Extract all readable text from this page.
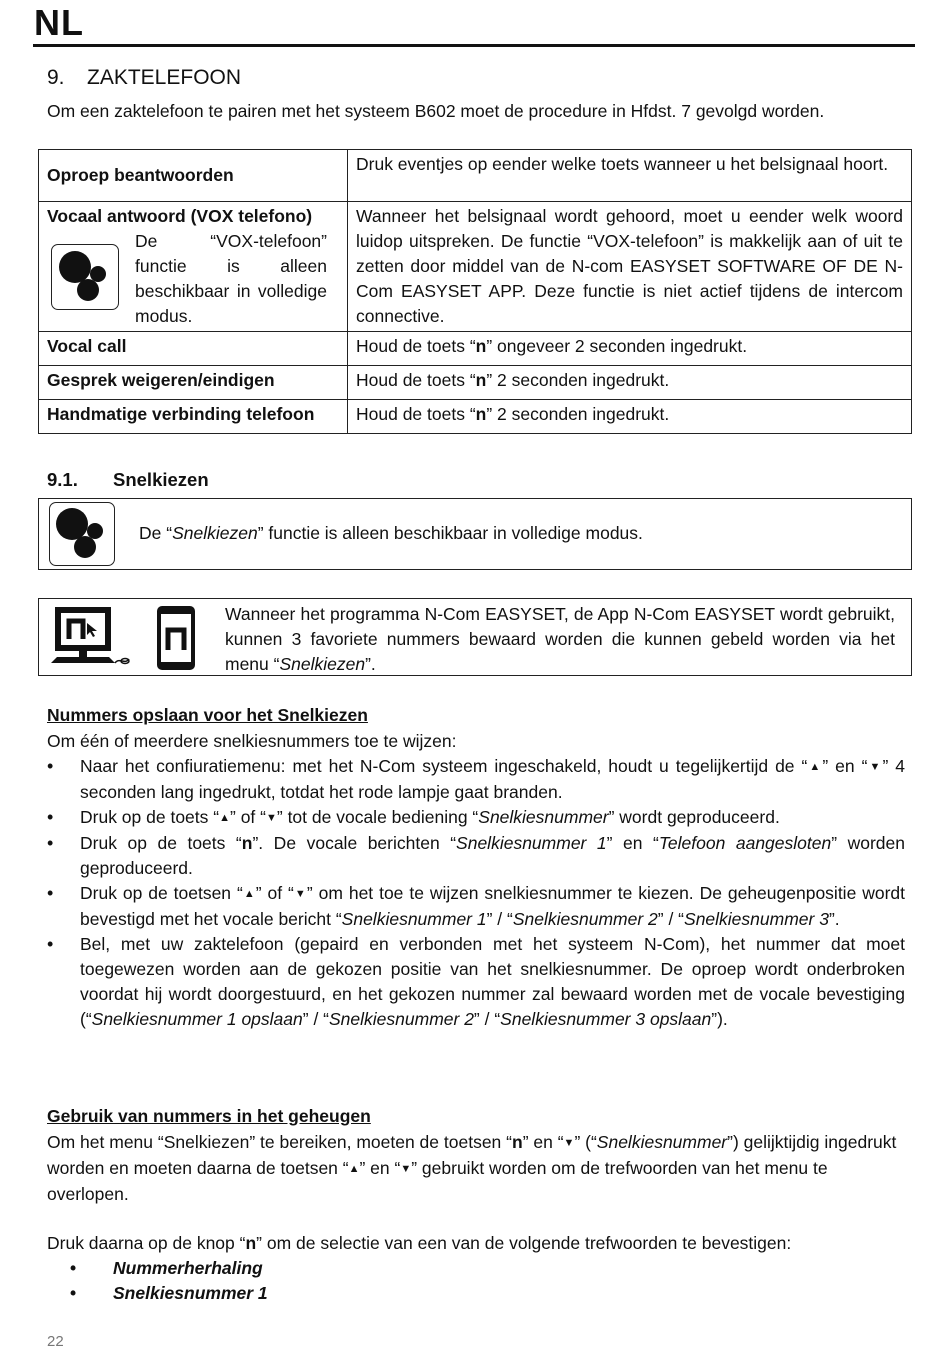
NL
9. ZAKTELEFOON
Om een zaktelefoon te pairen met het systeem B602 moet de procedure in Hfdst. 7 gevolgd worden.
Oproep beantwoorden	Druk eventjes op eender welke toets wanneer u het belsignaal hoort.

Vocaal antwoord (VOX telefono)
De “VOX-telefoon” functie is alleen beschikbaar in volledige modus.	Wanneer het belsignaal wordt gehoord, moet u eender welk woord luidop uitspreken. De functie “VOX-telefoon” is makkelijk aan of uit te zetten door middel van de N-com EASYSET SOFTWARE OF DE N-Com EASYSET APP. Deze functie is niet actief tijdens de intercom connective.
Vocal call	Houd de toets “n” ongeveer 2 seconden ingedrukt.
Gesprek weigeren/eindigen	Houd de toets “n” 2 seconden ingedrukt.
Handmatige verbinding telefoon	Houd de toets “n” 2 seconden ingedrukt.
9.1. Snelkiezen
De “Snelkiezen” functie is alleen beschikbaar in volledige modus.
Wanneer het programma N-Com EASYSET, de App N-Com EASYSET wordt gebruikt, kunnen 3 favoriete nummers bewaard worden die kunnen gebeld worden via het menu “Snelkiezen”.
Nummers opslaan voor het Snelkiezen
Om één of meerdere snelkiesnummers toe te wijzen:
• Naar het confiuratiemenu: met het N-Com systeem ingeschakeld, houdt u tegelijkertijd de “▲” en “▼” 4 seconden lang ingedrukt, totdat het rode lampje gaat branden.
• Druk op de toets “▲” of “▼” tot de vocale bediening “Snelkiesnummer” wordt geproduceerd.
• Druk op de toets “n”. De vocale berichten “Snelkiesnummer 1” en “Telefoon aangesloten” worden geproduceerd.
• Druk op de toetsen “▲” of “▼” om het toe te wijzen snelkiesnummer te kiezen. De geheugenpositie wordt bevestigd met het vocale bericht “Snelkiesnummer 1” / “Snelkiesnummer 2” / “Snelkiesnummer 3”.
• Bel, met uw zaktelefoon (gepaird en verbonden met het systeem N-Com), het nummer dat moet toegewezen worden aan de gekozen positie van het snelkiesnummer. De oproep wordt onderbroken voordat hij wordt doorgestuurd, en het gekozen nummer zal bewaard worden met de vocale bevestiging (“Snelkiesnummer 1 opslaan” / “Snelkiesnummer 2” / “Snelkiesnummer 3 opslaan”).
Gebruik van nummers in het geheugen
Om het menu “Snelkiezen” te bereiken, moeten de toetsen “n” en “▼” (“Snelkiesnummer”) gelijktijdig ingedrukt worden en moeten daarna de toetsen “▲” en “▼” gebruikt worden om de trefwoorden van het menu te overlopen.
Druk daarna op de knop “n” om de selectie van een van de volgende trefwoorden te bevestigen:
• Nummerherhaling
• Snelkiesnummer 1
22
